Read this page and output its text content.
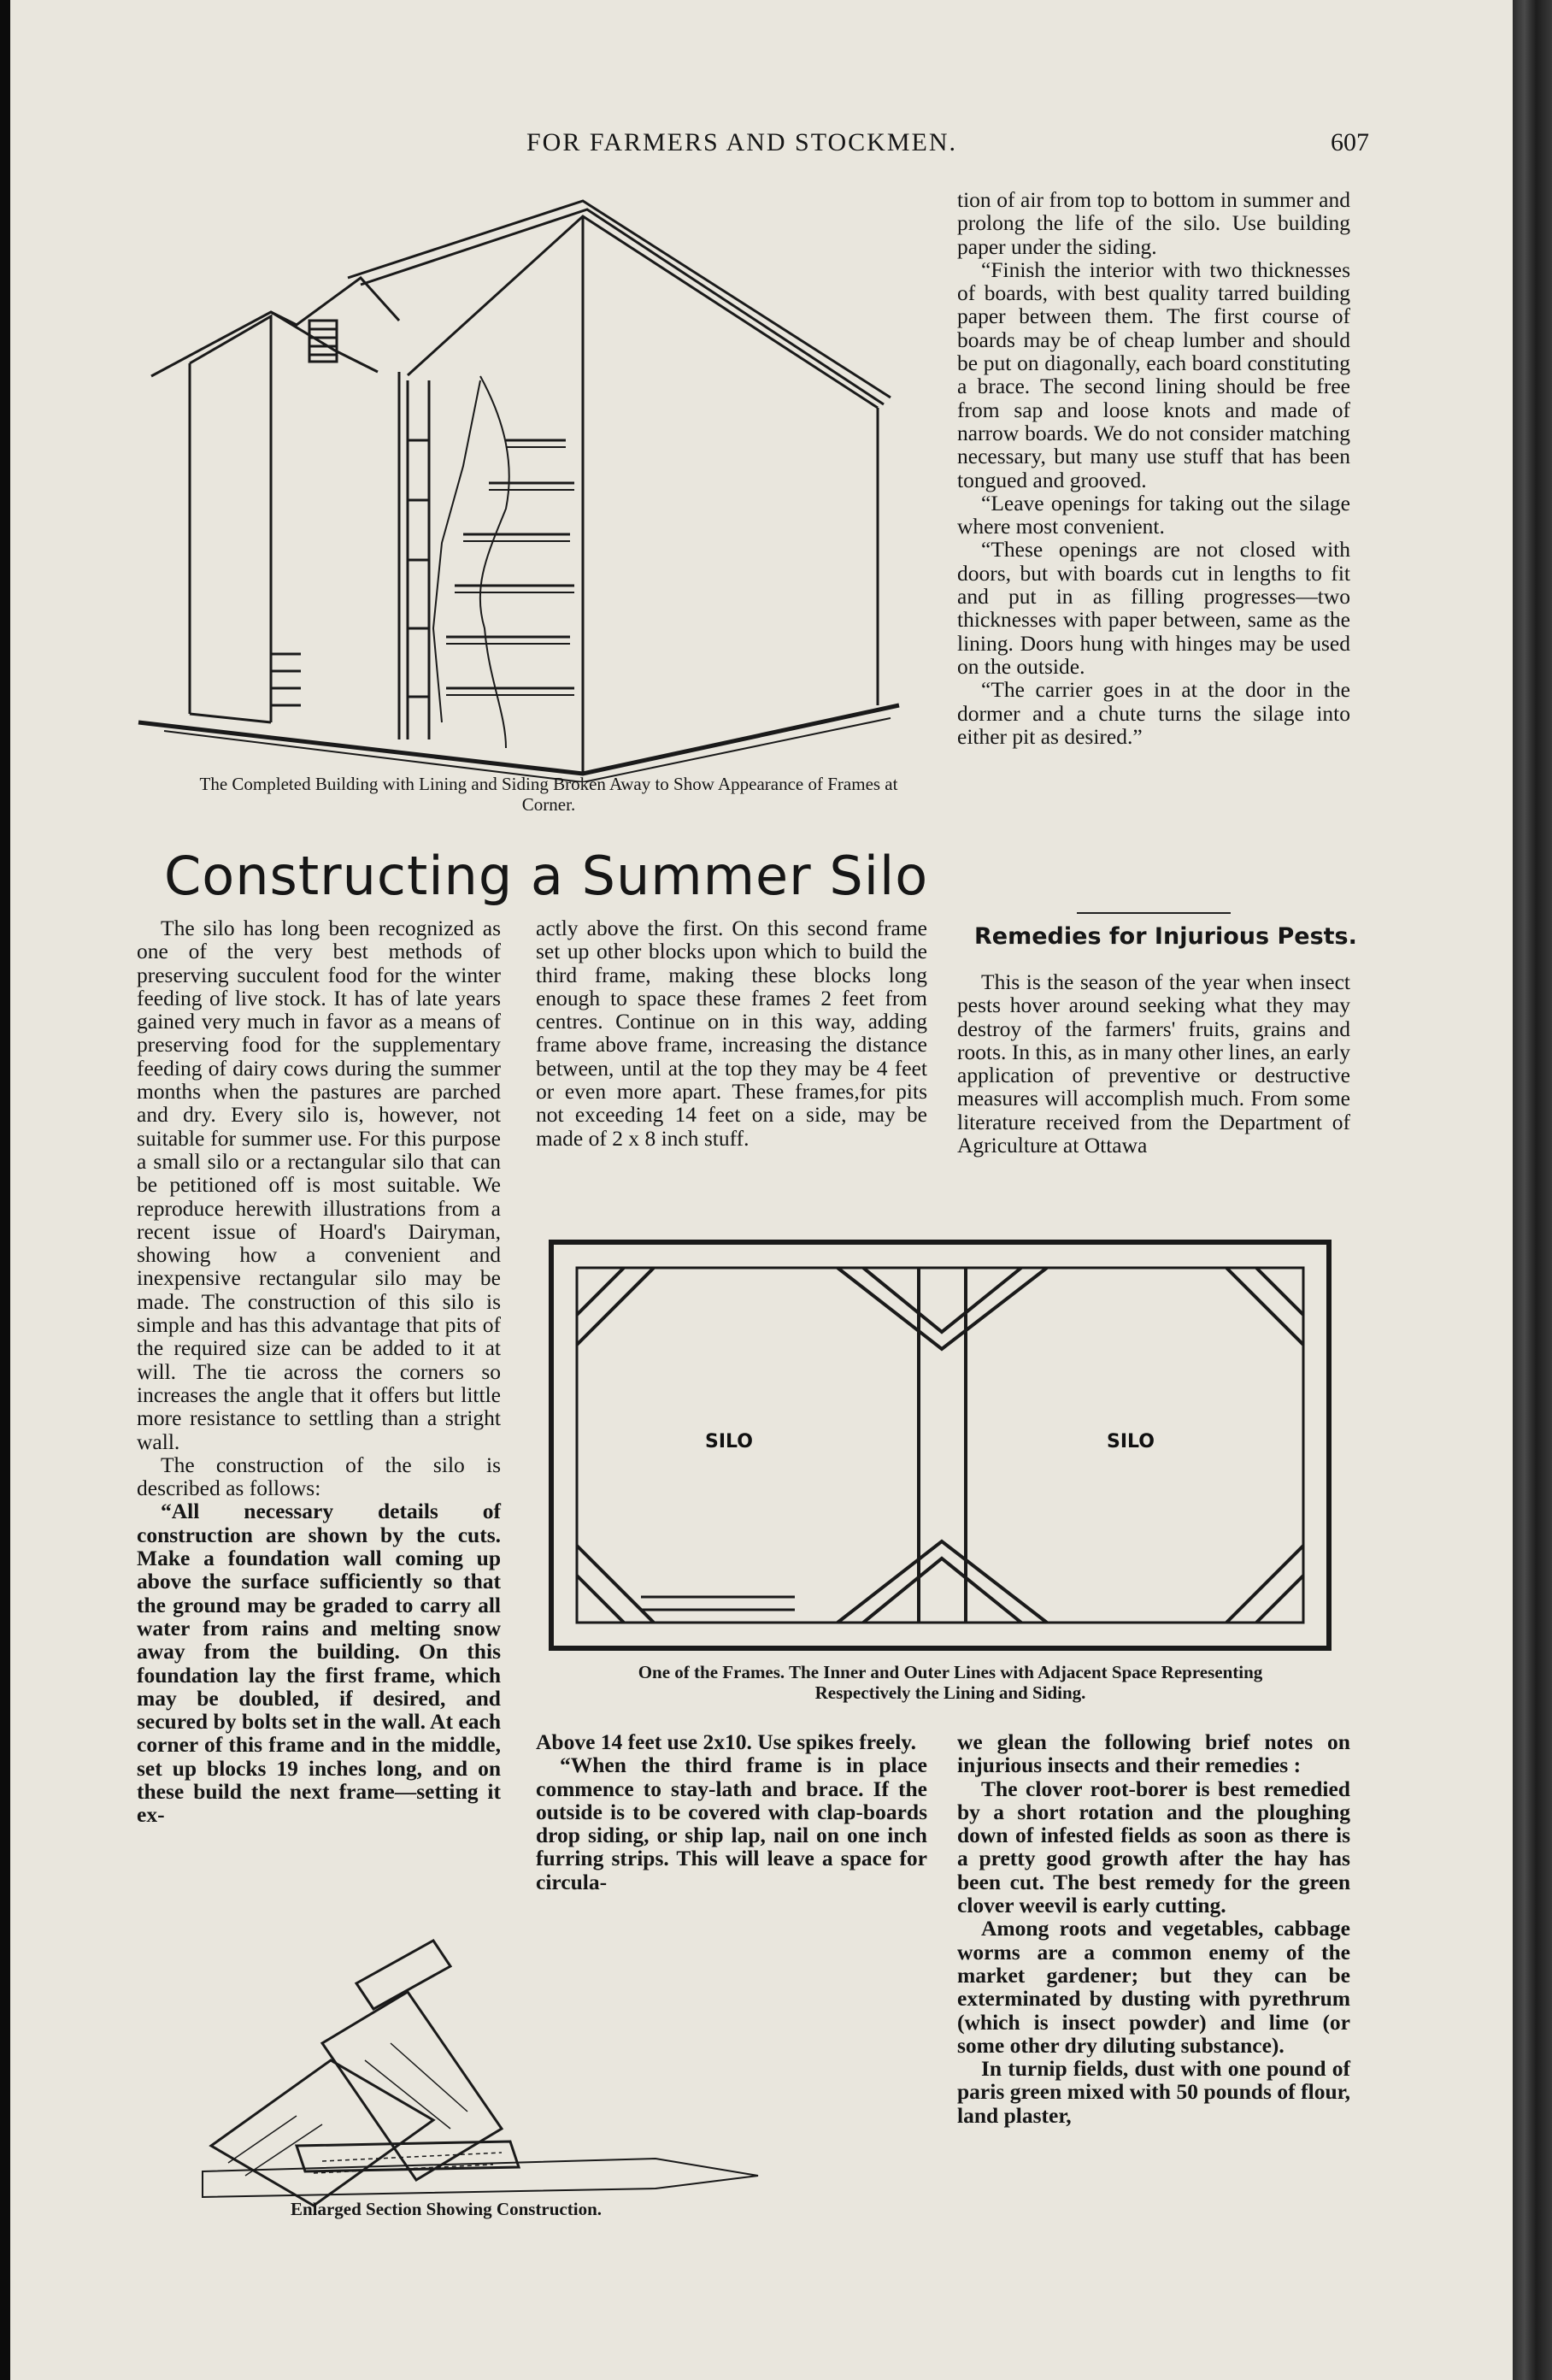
FOR FARMERS AND STOCKMEN.	607
The Completed Building with Lining and Siding Broken Away to Show Appearance of Frames at Corner.
Constructing a Summer Silo

The silo has long been recognized as one of the very best methods of preserving succulent food for the winter feeding of live stock. It has of late years gained very much in favor as a means of preserving food for the supplementary feeding of dairy cows during the summer months when the pastures are parched and dry. Every silo is, however, not suitable for summer use. For this purpose a small silo or a rectangular silo that can be petitioned off is most suitable. We reproduce herewith illustrations from a recent issue of Hoard's Dairyman, showing how a convenient and inexpensive rectangular silo may be made. The construction of this silo is simple and has this advantage that pits of the required size can be added to it at will. The tie across the corners so increases the angle that it offers but little more resistance to settling than a stright wall.

The construction of the silo is described as follows:

“All necessary details of construction are shown by the cuts. Make a foundation wall coming up above the surface sufficiently so that the ground may be graded to carry all water from rains and melting snow away from the building. On this foundation lay the first frame, which may be doubled, if desired, and secured by bolts set in the wall. At each corner of this frame and in the middle, set up blocks 19 inches long, and on these build the next frame—setting it ex-

actly above the first. On this second frame set up other blocks upon which to build the third frame, making these blocks long enough to space these frames 2 feet from centres. Continue on in this way, adding frame above frame, increasing the distance between, until at the top they may be 4 feet or even more apart. These frames,for pits not exceeding 14 feet on a side, may be made of 2 x 8 inch stuff.

tion of air from top to bottom in summer and prolong the life of the silo. Use building paper under the siding.

“Finish the interior with two thicknesses of boards, with best quality tarred building paper between them. The first course of boards may be of cheap lumber and should be put on diagonally, each board constituting a brace. The second lining should be free from sap and loose knots and made of narrow boards. We do not consider matching necessary, but many use stuff that has been tongued and grooved.

“Leave openings for taking out the silage where most convenient.

“These openings are not closed with doors, but with boards cut in lengths to fit and put in as filling progresses—two thicknesses with paper between, same as the lining. Doors hung with hinges may be used on the outside.

“The carrier goes in at the door in the dormer and a chute turns the silage into either pit as desired.”

Remedies for Injurious Pests.

This is the season of the year when insect pests hover around seeking what they may destroy of the farmers' fruits, grains and roots. In this, as in many other lines, an early application of preventive or destructive measures will accomplish much. From some literature received from the Department of Agriculture at Ottawa

SILO	SILO
One of the Frames. The Inner and Outer Lines with Adjacent Space Representing
Respectively the Lining and Siding.

Above 14 feet use 2x10. Use spikes freely.

“When the third frame is in place commence to stay-lath and brace. If the outside is to be covered with clap-boards drop siding, or ship lap, nail on one inch furring strips. This will leave a space for circula-

we glean the following brief notes on injurious insects and their remedies :

The clover root-borer is best remedied by a short rotation and the ploughing down of infested fields as soon as there is a pretty good growth after the hay has been cut. The best remedy for the green clover weevil is early cutting.

Among roots and vegetables, cabbage worms are a common enemy of the market gardener; but they can be exterminated by dusting with pyrethrum (which is insect powder) and lime (or some other dry diluting substance).

In turnip fields, dust with one pound of paris green mixed with 50 pounds of flour, land plaster,

Enlarged Section Showing Construction.
